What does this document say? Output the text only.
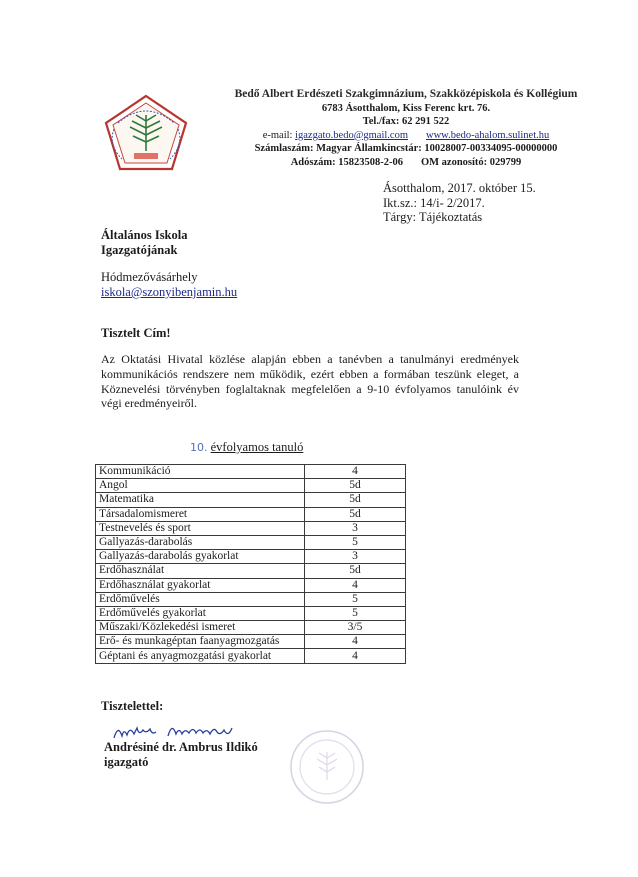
Bedő Albert Erdészeti Szakgimnázium, Szakközépiskola és Kollégium
6783 Ásotthalom, Kiss Ferenc krt. 76.
Tel./fax: 62 291 522
e-mail: igazgato.bedo@gmail.com www.bedo-ahalom.sulinet.hu
Számlaszám: Magyar Államkincstár: 10028007-00334095-00000000
Adószám: 15823508-2-06 OM azonosító: 029799
Ásotthalom, 2017. október 15.
Ikt.sz.: 14/i- 2/2017.
Tárgy: Tájékoztatás
Általános Iskola
Igazgatójának
Hódmezővásárhely
iskola@szonyibenjamin.hu
Tisztelt Cím!
Az Oktatási Hivatal közlése alapján ebben a tanévben a tanulmányi eredmények kommunikációs rendszere nem működik, ezért ebben a formában teszünk eleget, a Köznevelési törvényben foglaltaknak megfelelően a 9-10 évfolyamos tanulóink év végi eredményeiről.
10. évfolyamos tanuló
Kommunikáció	4
Angol	5d
Matematika	5d
Társadalomismeret	5d
Testnevelés és sport	3
Gallyazás-darabolás	5
Gallyazás-darabolás gyakorlat	3
Erdőhasználat	5d
Erdőhasználat gyakorlat	4
Erdőművelés	5
Erdőművelés gyakorlat	5
Műszaki/Közlekedési ismeret	3/5
Erő- és munkagéptan faanyagmozgatás	4
Géptani és anyagmozgatási gyakorlat	4
Tisztelettel:
Andrésiné dr. Ambrus Ildikó
igazgató
